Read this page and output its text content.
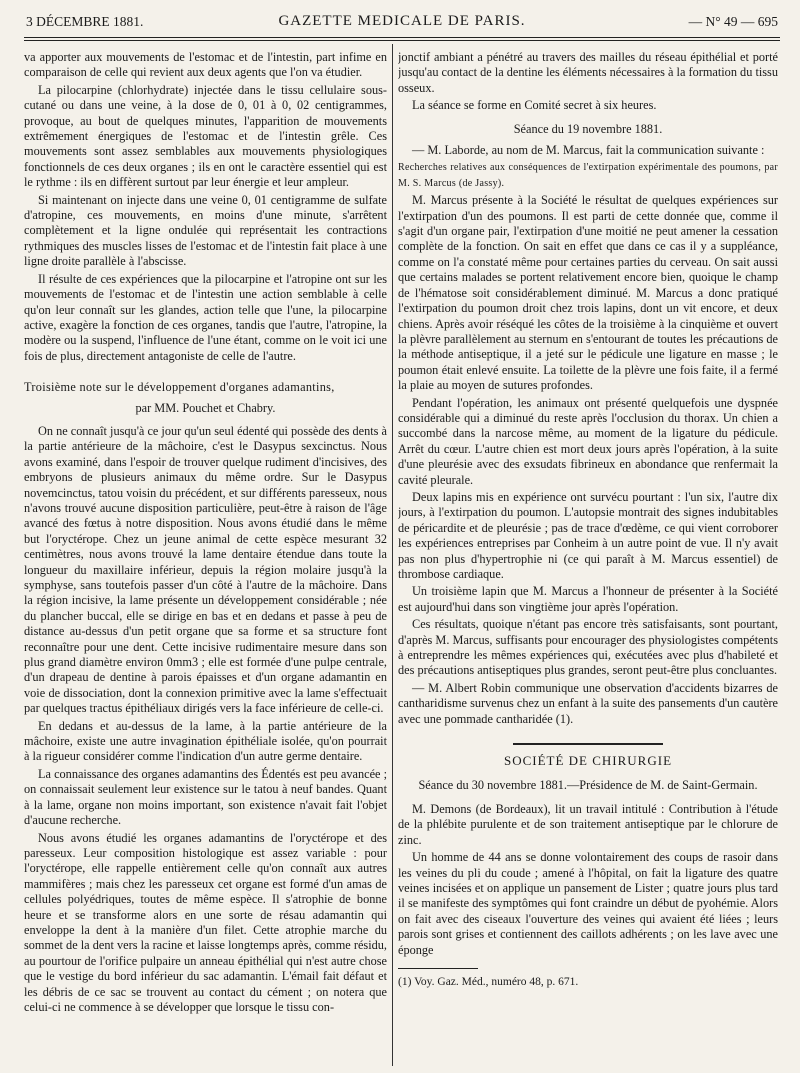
3 DÉCEMBRE 1881.	GAZETTE MEDICALE DE PARIS.	— N° 49 — 695

va apporter aux mouvements de l'estomac et de l'intestin, part infime en comparaison de celle qui revient aux deux agents que l'on va étudier.

La pilocarpine (chlorhydrate) injectée dans le tissu cellulaire sous-cutané ou dans une veine, à la dose de 0, 01 à 0, 02 centigrammes, provoque, au bout de quelques minutes, l'apparition de mouvements extrêmement énergiques de l'estomac et de l'intestin grêle. Ces mouvements sont assez semblables aux mouvements physiologiques fonctionnels de ces deux organes ; ils en ont le caractère essentiel qui est le rythme : ils en diffèrent surtout par leur énergie et leur ampleur.

Si maintenant on injecte dans une veine 0, 01 centigramme de sulfate d'atropine, ces mouvements, en moins d'une minute, s'arrêtent complètement et la ligne ondulée qui représentait les contractions rythmiques des muscles lisses de l'estomac et de l'intestin fait place à une ligne droite parallèle à l'abscisse.

Il résulte de ces expériences que la pilocarpine et l'atropine ont sur les mouvements de l'estomac et de l'intestin une action semblable à celle qu'on leur connaît sur les glandes, action telle que l'une, la pilocarpine active, exagère la fonction de ces organes, tandis que l'autre, l'atropine, la modère ou la suspend, l'influence de l'une étant, comme on le voit ici une fois de plus, directement antagoniste de celle de l'autre.

Troisième note sur le développement d'organes adamantins,

par MM. Pouchet et Chabry.

On ne connaît jusqu'à ce jour qu'un seul édenté qui possède des dents à la partie antérieure de la mâchoire, c'est le Dasypus sexcinctus. Nous avons examiné, dans l'espoir de trouver quelque rudiment d'incisives, des embryons de plusieurs animaux du même ordre. Sur le Dasypus novemcinctus, tatou voisin du précédent, et sur différents paresseux, nous n'avons trouvé aucune disposition particulière, peut-être à raison de l'âge avancé des fœtus à notre disposition. Nous avons étudié dans le même but l'oryctérope. Chez un jeune animal de cette espèce mesurant 32 centimètres, nous avons trouvé la lame dentaire étendue dans toute la longueur du maxillaire inférieur, depuis la région molaire jusqu'à la symphyse, sans toutefois passer d'un côté à l'autre de la mâchoire. Dans la région incisive, la lame présente un développement considérable ; née du plancher buccal, elle se dirige en bas et en dedans et passe à peu de distance au-dessus d'un petit organe que sa forme et sa structure font reconnaître pour une dent. Cette incisive rudimentaire mesure dans son plus grand diamètre environ 0mm3 ; elle est formée d'une pulpe centrale, d'un drapeau de dentine à parois épaisses et d'un organe adamantin en voie de dissociation, dont la connexion primitive avec la lame s'effectuait par quelques tractus épithéliaux dirigés vers la face inférieure de celle-ci.

En dedans et au-dessus de la lame, à la partie antérieure de la mâchoire, existe une autre invagination épithéliale isolée, qu'on pourrait à la rigueur considérer comme l'indication d'un autre germe dentaire.

La connaissance des organes adamantins des Édentés est peu avancée ; on connaissait seulement leur existence sur le tatou à neuf bandes. Quant à la lame, organe non moins important, son existence n'avait fait l'objet d'aucune recherche.

Nous avons étudié les organes adamantins de l'oryctérope et des paresseux. Leur composition histologique est assez variable : pour l'oryctérope, elle rappelle entièrement celle qu'on connaît aux autres mammifères ; mais chez les paresseux cet organe est formé d'un amas de cellules polyédriques, toutes de même espèce. Il s'atrophie de bonne heure et se transforme alors en une sorte de résau adamantin qui enveloppe la dent à la manière d'un filet. Cette atrophie marche du sommet de la dent vers la racine et laisse longtemps après, comme résidu, au pourtour de l'orifice pulpaire un anneau épithélial qui n'est autre chose que le vestige du bord inférieur du sac adamantin. L'émail fait défaut et les débris de ce sac se trouvent au contact du cément ; on notera que celui-ci ne commence à se développer que lorsque le tissu con-

jonctif ambiant a pénétré au travers des mailles du réseau épithélial et porté jusqu'au contact de la dentine les éléments nécessaires à la formation du tissu osseux.

La séance se forme en Comité secret à six heures.

Séance du 19 novembre 1881.

— M. Laborde, au nom de M. Marcus, fait la communication suivante :

Recherches relatives aux conséquences de l'extirpation expérimentale des poumons, par M. S. Marcus (de Jassy).

M. Marcus présente à la Société le résultat de quelques expériences sur l'extirpation d'un des poumons. Il est parti de cette donnée que, comme il s'agit d'un organe pair, l'extirpation d'une moitié ne peut amener la cessation complète de la fonction. On sait en effet que dans ce cas il y a suppléance, comme on l'a constaté même pour certaines parties du cerveau. On sait aussi que certains malades se portent relativement encore bien, quoique le champ de l'hématose soit considérablement diminué. M. Marcus a donc pratiqué l'extirpation du poumon droit chez trois lapins, dont un vit encore, et deux chiens. Après avoir réséqué les côtes de la troisième à la cinquième et ouvert la plèvre parallèlement au sternum en s'entourant de toutes les précautions de la méthode antiseptique, il a jeté sur le pédicule une ligature en masse ; le poumon était enlevé ensuite. La toilette de la plèvre une fois faite, il a fermé la plaie au moyen de sutures profondes.

Pendant l'opération, les animaux ont présenté quelquefois une dyspnée considérable qui a diminué du reste après l'occlusion du thorax. Un chien a succombé dans la narcose même, au moment de la ligature du pédicule. Arrêt du cœur. L'autre chien est mort deux jours après l'opération, à la suite d'une pleurésie avec des exsudats fibrineux en abondance que renfermait la cavité pleurale.

Deux lapins mis en expérience ont survécu pourtant : l'un six, l'autre dix jours, à l'extirpation du poumon. L'autopsie montrait des signes indubitables de péricardite et de pleurésie ; pas de trace d'œdème, ce qui vient corroborer les expériences entreprises par Conheim à un autre point de vue. Il n'y avait pas non plus d'hypertrophie ni (ce qui paraît à M. Marcus essentiel) de thrombose cardiaque.

Un troisième lapin que M. Marcus a l'honneur de présenter à la Société est aujourd'hui dans son vingtième jour après l'opération.

Ces résultats, quoique n'étant pas encore très satisfaisants, sont pourtant, d'après M. Marcus, suffisants pour encourager des physiologistes compétents à entreprendre les mêmes expériences qui, exécutées avec plus d'habileté et des précautions antiseptiques plus grandes, seront peut-être plus concluantes.

— M. Albert Robin communique une observation d'accidents bizarres de cantharidisme survenus chez un enfant à la suite des pansements d'un cautère avec une pommade cantharidée (1).

SOCIÉTÉ DE CHIRURGIE

Séance du 30 novembre 1881.—Présidence de M. de Saint-Germain.

M. Demons (de Bordeaux), lit un travail intitulé : Contribution à l'étude de la phlébite purulente et de son traitement antiseptique par le chlorure de zinc.

Un homme de 44 ans se donne volontairement des coups de rasoir dans les veines du pli du coude ; amené à l'hôpital, on fait la ligature des quatre veines incisées et on applique un pansement de Lister ; quatre jours plus tard il se manifeste des symptômes qui font craindre un début de pyohémie. Alors on fait avec des ciseaux l'ouverture des veines qui avaient été liées ; leurs parois sont grises et contiennent des caillots adhérents ; on les lave avec une éponge

(1) Voy. Gaz. Méd., numéro 48, p. 671.
